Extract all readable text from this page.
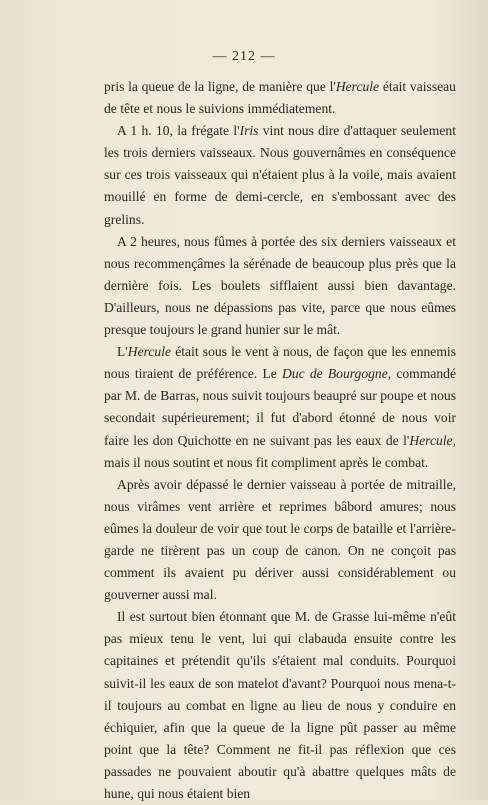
— 212 —

pris la queue de la ligne, de manière que l'Hercule était vaisseau de tête et nous le suivions immédiatement.

A 1 h. 10, la frégate l'Iris vint nous dire d'attaquer seulement les trois derniers vaisseaux. Nous gouvernâmes en conséquence sur ces trois vaisseaux qui n'étaient plus à la voile, mais avaient mouillé en forme de demi-cercle, en s'embossant avec des grelins.

A 2 heures, nous fûmes à portée des six derniers vaisseaux et nous recommençâmes la sérénade de beaucoup plus près que la dernière fois. Les boulets sifflaient aussi bien davantage. D'ailleurs, nous ne dépassions pas vite, parce que nous eûmes presque toujours le grand hunier sur le mât.

L'Hercule était sous le vent à nous, de façon que les ennemis nous tiraient de préférence. Le Duc de Bourgogne, commandé par M. de Barras, nous suivit toujours beaupré sur poupe et nous secondait supérieurement; il fut d'abord étonné de nous voir faire les don Quichotte en ne suivant pas les eaux de l'Hercule, mais il nous soutint et nous fit compliment après le combat.

Après avoir dépassé le dernier vaisseau à portée de mitraille, nous virâmes vent arrière et reprimes bâbord amures; nous eûmes la douleur de voir que tout le corps de bataille et l'arrière-garde ne tirèrent pas un coup de canon. On ne conçoit pas comment ils avaient pu dériver aussi considérablement ou gouverner aussi mal.

Il est surtout bien étonnant que M. de Grasse lui-même n'eût pas mieux tenu le vent, lui qui clabauda ensuite contre les capitaines et prétendit qu'ils s'étaient mal conduits. Pourquoi suivit-il les eaux de son matelot d'avant? Pourquoi nous mena-t-il toujours au combat en ligne au lieu de nous y conduire en échiquier, afin que la queue de la ligne pût passer au même point que la tête? Comment ne fit-il pas réflexion que ces passades ne pouvaient aboutir qu'à abattre quelques mâts de hune, qui nous étaient bien
